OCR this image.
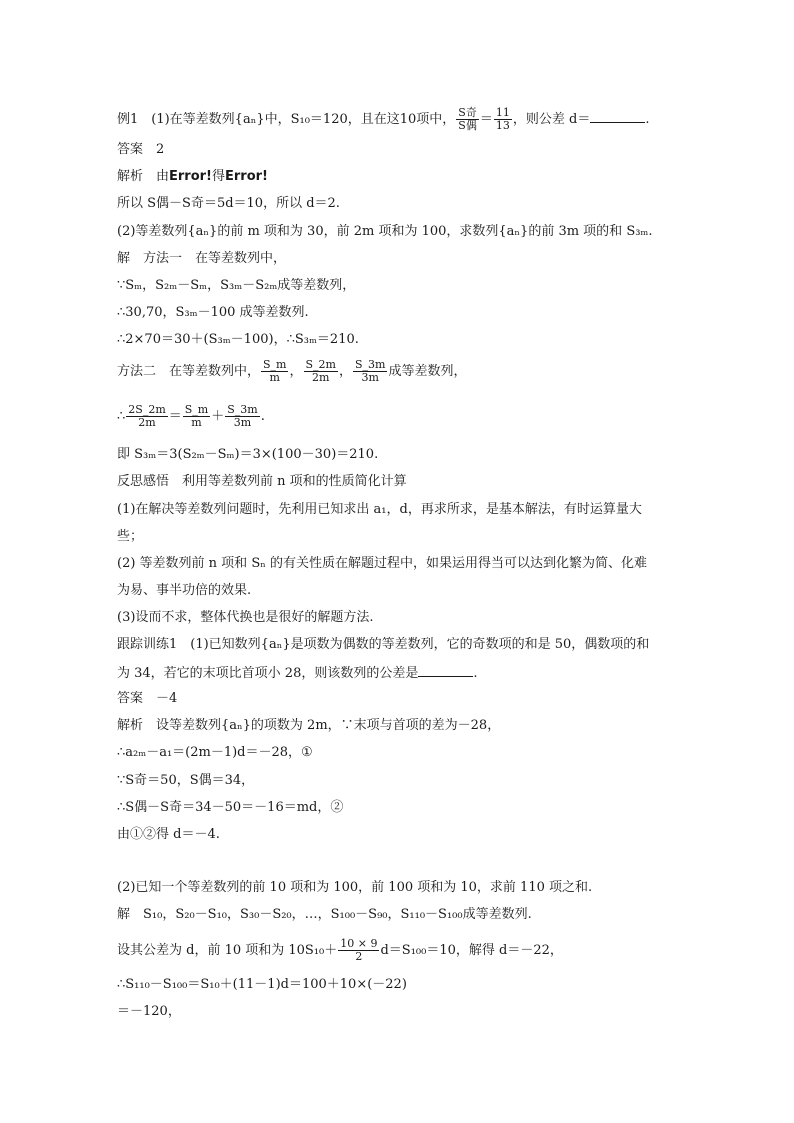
例1　(1)在等差数列{aₙ}中，S₁₀＝120，且在这10项中， $\frac{\text{S奇}}{\text{S偶}} = \frac{11}{13}$ ，则公差 d＝	.
答案　2
解析　由Error!得Error!
所以 S偶－S奇＝5d＝10，所以 d＝2.
(2)等差数列{aₙ}的前 m 项和为 30，前 2m 项和为 100，求数列{aₙ}的前 3m 项的和 S₃ₘ.
解　方法一　在等差数列中，
∵Sₘ，S₂ₘ－Sₘ，S₃ₘ－S₂ₘ成等差数列，
∴30,70，S₃ₘ－100 成等差数列.
∴2×70＝30＋(S₃ₘ－100)，∴S₃ₘ＝210.
方法二　在等差数列中， $\frac{S\_m}{m}$ ， $\frac{S\_2m}{2m}$ ， $\frac{S\_3m}{3m}$ 成等差数列，
∴ $\frac{2S\_2m}{2m} = \frac{S\_m}{m} + \frac{S\_3m}{3m}$ .
即 S₃ₘ＝3(S₂ₘ－Sₘ)＝3×(100－30)＝210.
反思感悟　利用等差数列前 n 项和的性质简化计算
(1)在解决等差数列问题时，先利用已知求出 a₁，d，再求所求，是基本解法，有时运算量大
些；
(2) 等差数列前 n 项和 Sₙ 的有关性质在解题过程中，如果运用得当可以达到化繁为简、化难
为易、事半功倍的效果.
(3)设而不求，整体代换也是很好的解题方法.
跟踪训练1　(1)已知数列{aₙ}是项数为偶数的等差数列，它的奇数项的和是 50，偶数项的和
为 34，若它的末项比首项小 28，则该数列的公差是	.
答案　－4
解析　设等差数列{aₙ}的项数为 2m，∵末项与首项的差为－28，
∴a₂ₘ－a₁＝(2m－1)d＝－28，①
∵S奇＝50，S偶＝34，
∴S偶－S奇＝34－50＝－16＝md，②
由①②得 d＝－4.
(2)已知一个等差数列的前 10 项和为 100，前 100 项和为 10，求前 110 项之和.
解　S₁₀，S₂₀－S₁₀，S₃₀－S₂₀，…，S₁₀₀－S₉₀，S₁₁₀－S₁₀₀成等差数列.
设其公差为 d，前 10 项和为 $10S_{10}+ \frac{10 \times 9}{2} d=S_{100}=10$，解得 d＝－22，
∴S₁₁₀－S₁₀₀＝S₁₀＋(11－1)d＝100＋10×(－22)
＝－120，
